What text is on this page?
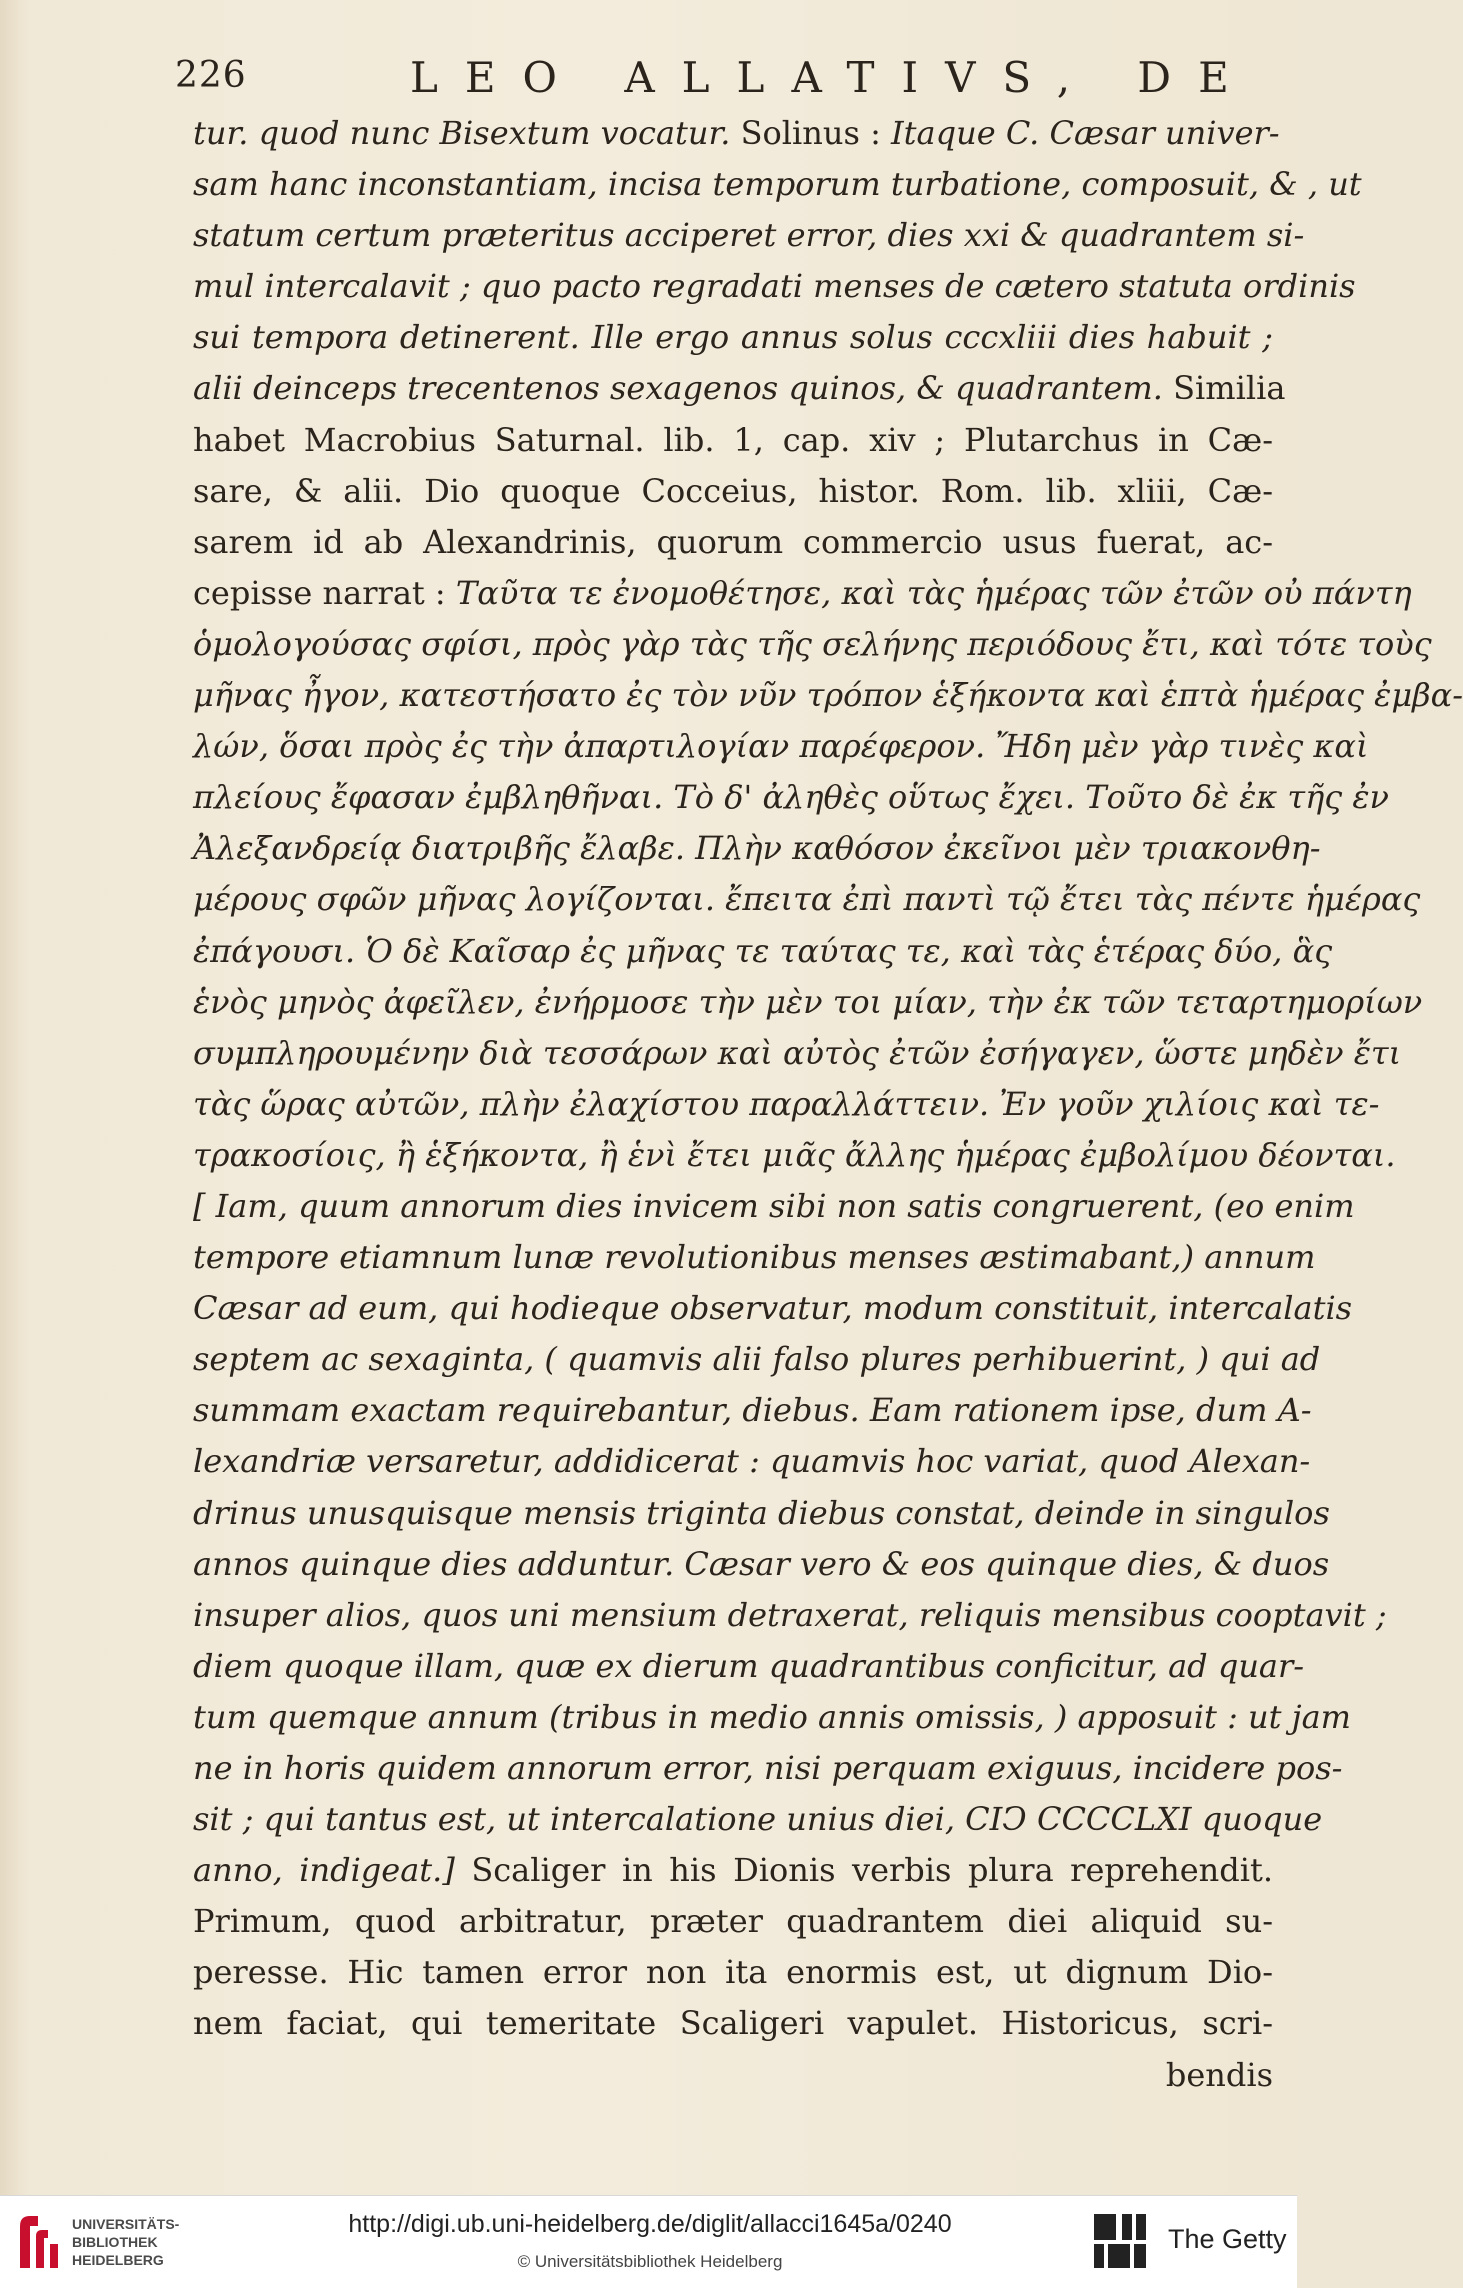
226	LEO ALLATIVS, DE
tur. quod nunc Bisextum vocatur. Solinus : Itaque C. Cæsar univer-
sam hanc inconstantiam, incisa temporum turbatione, composuit, & , ut
statum certum præteritus acciperet error, dies xxi & quadrantem si-
mul intercalavit ; quo pacto regradati menses de cætero statuta ordinis
sui tempora detinerent. Ille ergo annus solus cccxliii dies habuit ;
alii deinceps trecentenos sexagenos quinos, & quadrantem. Similia
habet Macrobius Saturnal. lib. 1, cap. xiv ; Plutarchus in Cæ-
sare, & alii. Dio quoque Cocceius, histor. Rom. lib. xliii, Cæ-
sarem id ab Alexandrinis, quorum commercio usus fuerat, ac-
cepisse narrat : Ταῦτα τε ἐνομοθέτησε, καὶ τὰς ἡμέρας τῶν ἐτῶν οὐ πάντη
ὁμολογούσας σφίσι, πρὸς γὰρ τὰς τῆς σελήνης περιόδους ἔτι, καὶ τότε τοὺς
μῆνας ἦγον, κατεστήσατο ἐς τὸν νῦν τρόπον ἑξήκοντα καὶ ἑπτὰ ἡμέρας ἐμβα-
λών, ὅσαι πρὸς ἐς τὴν ἀπαρτιλογίαν παρέφερον. Ἤδη μὲν γὰρ τινὲς καὶ
πλείους ἔφασαν ἐμβληθῆναι. Τὸ δ' ἀληθὲς οὕτως ἔχει. Τοῦτο δὲ ἐκ τῆς ἐν
Ἀλεξανδρείᾳ διατριβῆς ἔλαβε. Πλὴν καθόσον ἐκεῖνοι μὲν τριακονθη-
μέρους σφῶν μῆνας λογίζονται. ἔπειτα ἐπὶ παντὶ τῷ ἔτει τὰς πέντε ἡμέρας
ἐπάγουσι. Ὁ δὲ Καῖσαρ ἐς μῆνας τε ταύτας τε, καὶ τὰς ἑτέρας δύο, ἃς
ἑνὸς μηνὸς ἀφεῖλεν, ἐνήρμοσε τὴν μὲν τοι μίαν, τὴν ἐκ τῶν τεταρτημορίων
συμπληρουμένην διὰ τεσσάρων καὶ αὐτὸς ἐτῶν ἐσήγαγεν, ὥστε μηδὲν ἔτι
τὰς ὥρας αὐτῶν, πλὴν ἐλαχίστου παραλλάττειν. Ἐν γοῦν χιλίοις καὶ τε-
τρακοσίοις, ἢ ἑξήκοντα, ἢ ἑνὶ ἔτει μιᾶς ἄλλης ἡμέρας ἐμβολίμου δέονται.
[ Iam, quum annorum dies invicem sibi non satis congruerent, (eo enim
tempore etiamnum lunæ revolutionibus menses æstimabant,) annum
Cæsar ad eum, qui hodieque observatur, modum constituit, intercalatis
septem ac sexaginta, ( quamvis alii falso plures perhibuerint, ) qui ad
summam exactam requirebantur, diebus. Eam rationem ipse, dum A-
lexandriæ versaretur, addidicerat : quamvis hoc variat, quod Alexan-
drinus unusquisque mensis triginta diebus constat, deinde in singulos
annos quinque dies adduntur. Cæsar vero & eos quinque dies, & duos
insuper alios, quos uni mensium detraxerat, reliquis mensibus cooptavit ;
diem quoque illam, quæ ex dierum quadrantibus conficitur, ad quar-
tum quemque annum (tribus in medio annis omissis, ) apposuit : ut jam
ne in horis quidem annorum error, nisi perquam exiguus, incidere pos-
sit ; qui tantus est, ut intercalatione unius diei, CIↃ CCCCLXI quoque
anno, indigeat.] Scaliger in his Dionis verbis plura reprehendit.
Primum, quod arbitratur, præter quadrantem diei aliquid su-
peresse. Hic tamen error non ita enormis est, ut dignum Dio-
nem faciat, qui temeritate Scaligeri vapulet. Historicus, scri-
bendis
UNIVERSITÄTS-
BIBLIOTHEK
HEIDELBERG
http://digi.ub.uni-heidelberg.de/diglit/allacci1645a/0240
© Universitätsbibliothek Heidelberg
The Getty
